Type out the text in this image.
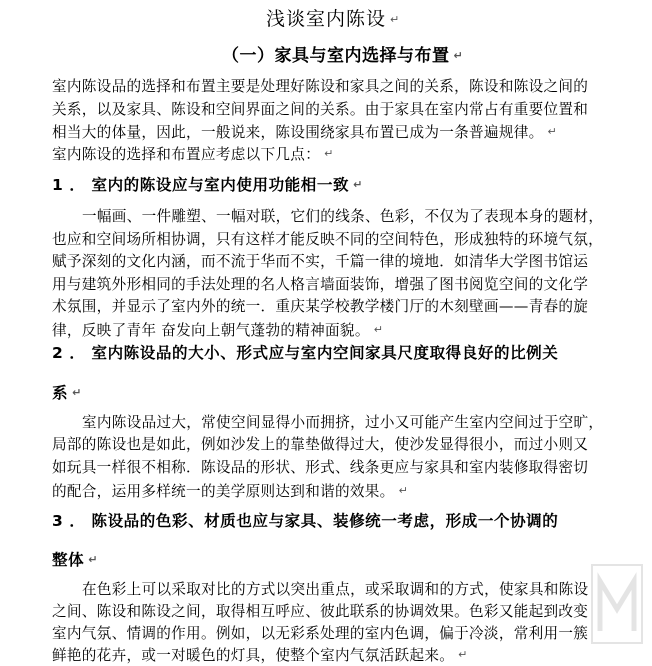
浅谈室内陈设 ↵
（一）家具与室内选择与布置 ↵
室内陈设品的选择和布置主要是处理好陈设和家具之间的关系，陈设和陈设之间的
关系，以及家具、陈设和空间界面之间的关系。由于家具在室内常占有重要位置和
相当大的体量，因此，一般说来，陈设围绕家具布置已成为一条普遍规律。 ↵
室内陈设的选择和布置应考虑以下几点： ↵
1 ． 室内的陈设应与室内使用功能相一致 ↵
一幅画、一件雕塑、一幅对联，它们的线条、色彩，不仅为了表现本身的题材，
也应和空间场所相协调，只有这样才能反映不同的空间特色，形成独特的环境气氛，
赋予深刻的文化内涵，而不流于华而不实，千篇一律的境地．如清华大学图书馆运
用与建筑外形相同的手法处理的名人格言墙面装饰，增强了图书阅览空间的文化学
术氛围，并显示了室内外的统一．重庆某学校教学楼门厅的木刻壁画——青春的旋
律，反映了青年 奋发向上朝气蓬勃的精神面貌。 ↵
2 ． 室内陈设品的大小、形式应与室内空间家具尺度取得良好的比例关
系 ↵
室内陈设品过大，常使空间显得小而拥挤，过小又可能产生室内空间过于空旷，
局部的陈设也是如此，例如沙发上的靠垫做得过大，使沙发显得很小，而过小则又
如玩具一样很不相称．陈设品的形状、形式、线条更应与家具和室内装修取得密切
的配合，运用多样统一的美学原则达到和谐的效果。 ↵
3 ． 陈设品的色彩、材质也应与家具、装修统一考虑，形成一个协调的
整体 ↵
在色彩上可以采取对比的方式以突出重点，或采取调和的方式，使家具和陈设
之间、陈设和陈设之间，取得相互呼应、彼此联系的协调效果。色彩又能起到改变
室内气氛、情调的作用。例如，以无彩系处理的室内色调，偏于冷淡，常利用一簇
鲜艳的花卉，或一对暖色的灯具，使整个室内气氛活跃起来。 ↵
